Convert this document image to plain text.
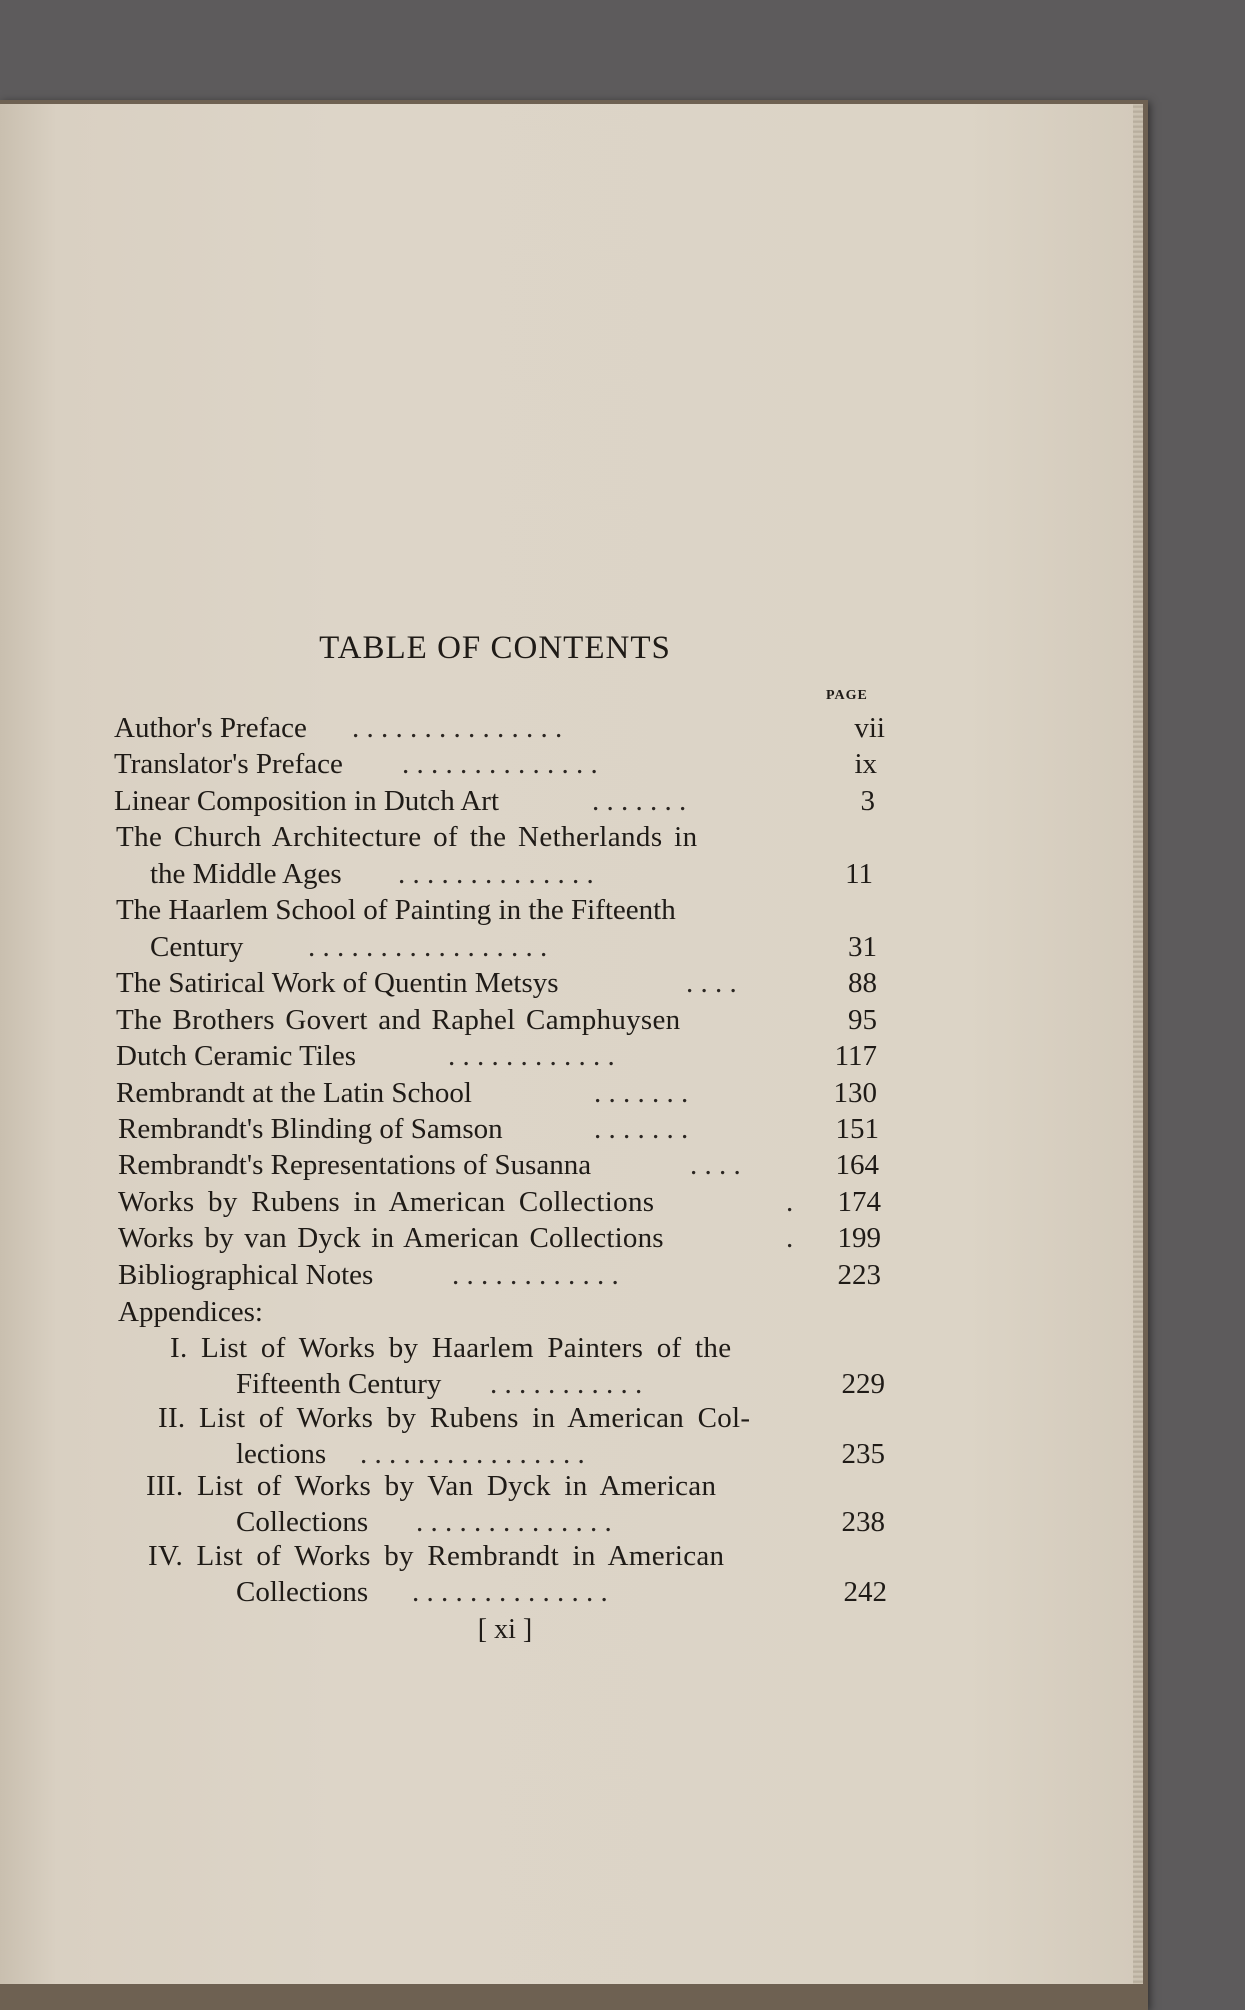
TABLE OF CONTENTS
PAGE
Author's Preface . . . . . . . . . . . . . . .	vii
Translator's Preface . . . . . . . . . . . . . .	ix
Linear Composition in Dutch Art	. . . . . . .	3
The Church Architecture of the Netherlands in
the Middle Ages . . . . . . . . . . . . . .	11
The Haarlem School of Painting in the Fifteenth
Century . . . . . . . . . . . . . . . . .	31
The Satirical Work of Quentin Metsys	. . . .	88
The Brothers Govert and Raphel Camphuysen	95
Dutch Ceramic Tiles	. . . . . . . . . . . .	117
Rembrandt at the Latin School	. . . . . . .	130
Rembrandt's Blinding of Samson	. . . . . . .	151
Rembrandt's Representations of Susanna	. . . .	164
Works by Rubens in American Collections	.	174
Works by van Dyck in American Collections	.	199
Bibliographical Notes	. . . . . . . . . . . .	223
Appendices:
I. List of Works by Haarlem Painters of the
Fifteenth Century . . . . . . . . . . .	229
II. List of Works by Rubens in American Col-
lections . . . . . . . . . . . . . . . .	235
III. List of Works by Van Dyck in American
Collections . . . . . . . . . . . . . .	238
IV. List of Works by Rembrandt in American
Collections . . . . . . . . . . . . . .	242
[ xi ]
